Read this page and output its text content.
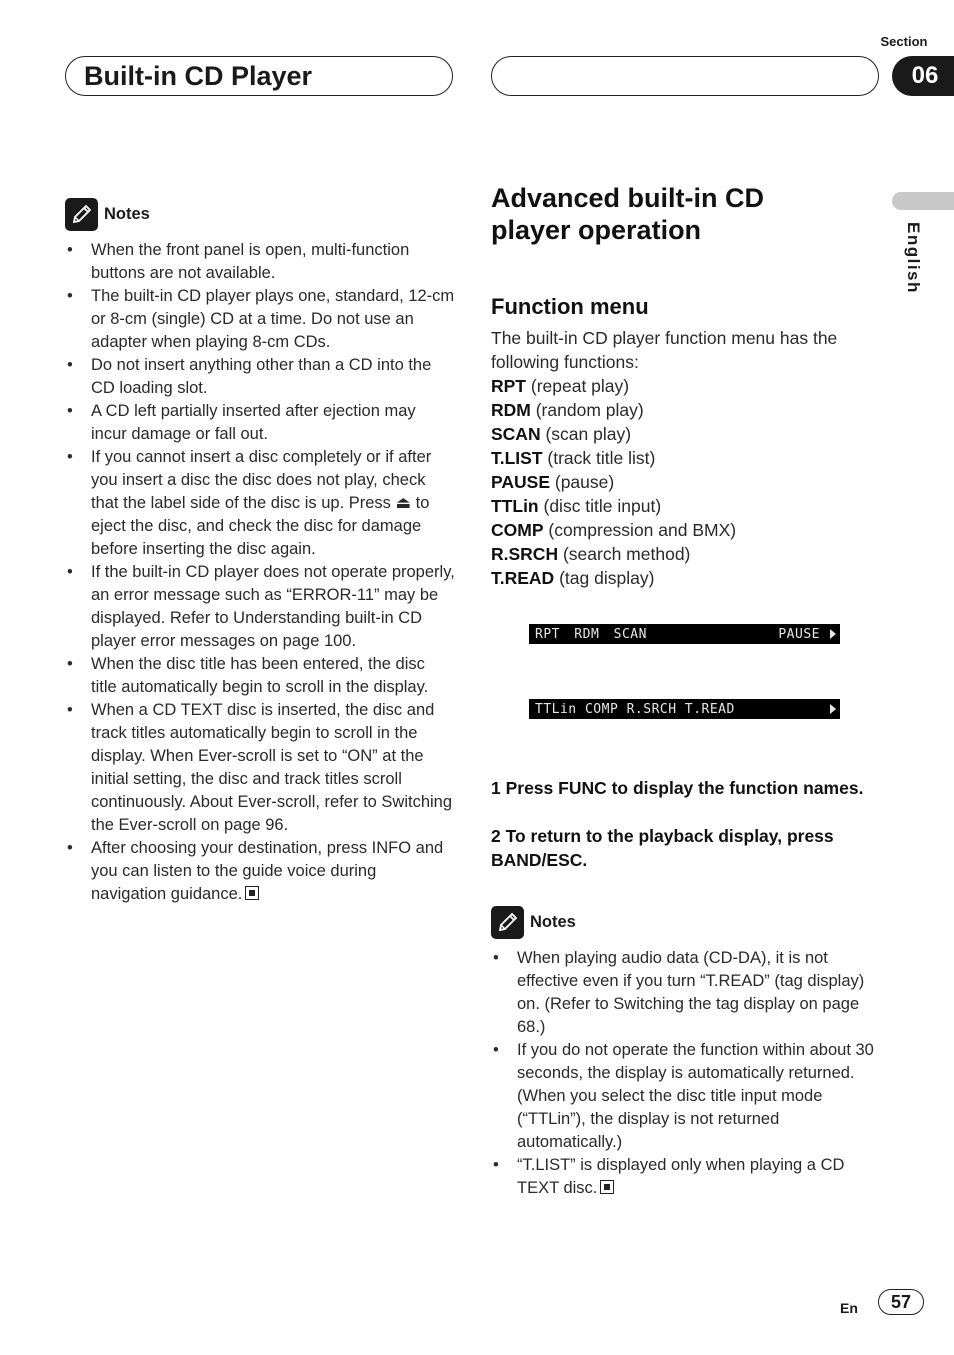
Section
Built-in CD Player	06
English
Notes
• When the front panel is open, multi-function buttons are not available.
• The built-in CD player plays one, standard, 12-cm or 8-cm (single) CD at a time. Do not use an adapter when playing 8-cm CDs.
• Do not insert anything other than a CD into the CD loading slot.
• A CD left partially inserted after ejection may incur damage or fall out.
• If you cannot insert a disc completely or if after you insert a disc the disc does not play, check that the label side of the disc is up. Press ⏏ to eject the disc, and check the disc for damage before inserting the disc again.
• If the built-in CD player does not operate properly, an error message such as “ERROR-11” may be displayed. Refer to Understanding built-in CD player error messages on page 100.
• When the disc title has been entered, the disc title automatically begin to scroll in the display.
• When a CD TEXT disc is inserted, the disc and track titles automatically begin to scroll in the display. When Ever-scroll is set to “ON” at the initial setting, the disc and track titles scroll continuously. About Ever-scroll, refer to Switching the Ever-scroll on page 96.
• After choosing your destination, press INFO and you can listen to the guide voice during navigation guidance.
Advanced built-in CD
player operation
Function menu

The built-in CD player function menu has the following functions:

RPT (repeat play)
RDM (random play)
SCAN (scan play)
T.LIST (track title list)
PAUSE (pause)
TTLin (disc title input)
COMP (compression and BMX)
R.SRCH (search method)
T.READ (tag display)
RPT RDM SCAN	PAUSE
TTLin COMP R.SRCH T.READ

1 Press FUNC to display the function names.

2 To return to the playback display, press BAND/ESC.

Notes
• When playing audio data (CD-DA), it is not effective even if you turn “T.READ” (tag display) on. (Refer to Switching the tag display on page 68.)
• If you do not operate the function within about 30 seconds, the display is automatically returned. (When you select the disc title input mode (“TTLin”), the display is not returned automatically.)
• “T.LIST” is displayed only when playing a CD TEXT disc.
En	57
